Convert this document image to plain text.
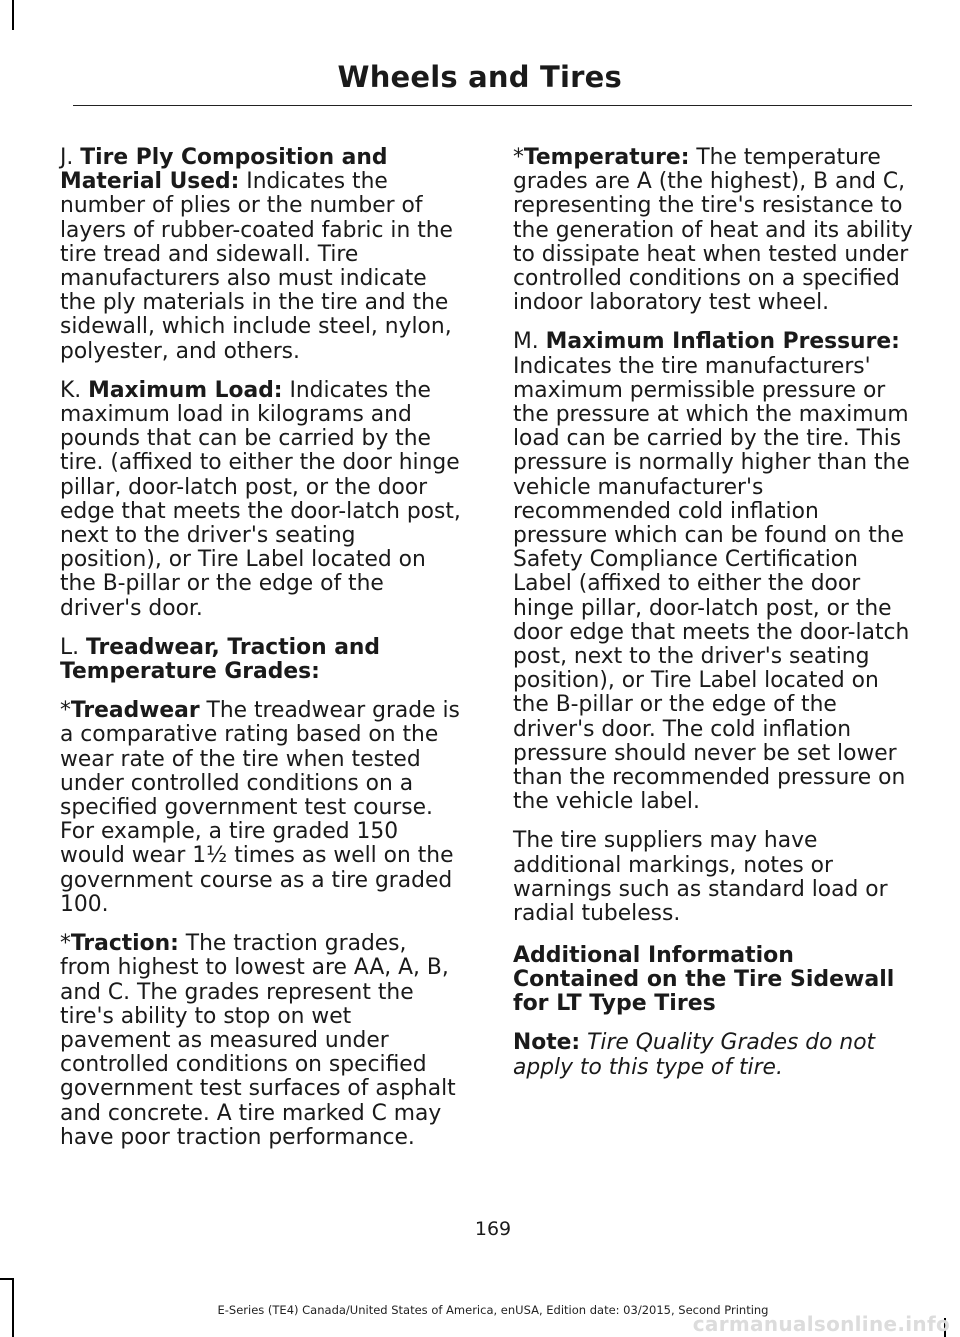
Wheels and Tires

J. Tire Ply Composition and Material Used: Indicates the number of plies or the number of layers of rubber-coated fabric in the tire tread and sidewall. Tire manufacturers also must indicate the ply materials in the tire and the sidewall, which include steel, nylon, polyester, and others.

K. Maximum Load: Indicates the maximum load in kilograms and pounds that can be carried by the tire. (affixed to either the door hinge pillar, door-latch post, or the door edge that meets the door-latch post, next to the driver's seating position), or Tire Label located on the B-pillar or the edge of the driver's door.

L. Treadwear, Traction and Temperature Grades:

*Treadwear The treadwear grade is a comparative rating based on the wear rate of the tire when tested under controlled conditions on a specified government test course. For example, a tire graded 150 would wear 1½ times as well on the government course as a tire graded 100.

*Traction: The traction grades, from highest to lowest are AA, A, B, and C. The grades represent the tire's ability to stop on wet pavement as measured under controlled conditions on specified government test surfaces of asphalt and concrete. A tire marked C may have poor traction performance.

*Temperature: The temperature grades are A (the highest), B and C, representing the tire's resistance to the generation of heat and its ability to dissipate heat when tested under controlled conditions on a specified indoor laboratory test wheel.

M. Maximum Inflation Pressure: Indicates the tire manufacturers' maximum permissible pressure or the pressure at which the maximum load can be carried by the tire. This pressure is normally higher than the vehicle manufacturer's recommended cold inflation pressure which can be found on the Safety Compliance Certification Label (affixed to either the door hinge pillar, door-latch post, or the door edge that meets the door-latch post, next to the driver's seating position), or Tire Label located on the B-pillar or the edge of the driver's door. The cold inflation pressure should never be set lower than the recommended pressure on the vehicle label.

The tire suppliers may have additional markings, notes or warnings such as standard load or radial tubeless.

Additional Information Contained on the Tire Sidewall for LT Type Tires

Note: Tire Quality Grades do not apply to this type of tire.

169
E-Series (TE4) Canada/United States of America, enUSA, Edition date: 03/2015, Second Printing
carmanualsonline.info
